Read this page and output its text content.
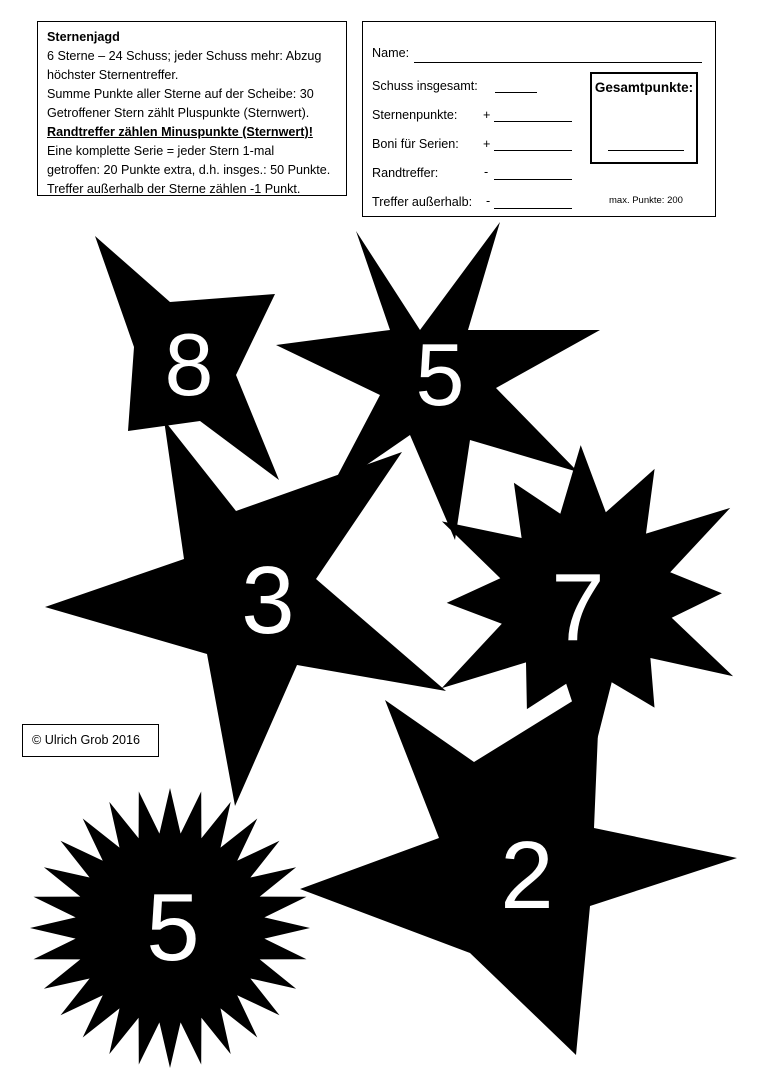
Sternenjagd
6 Sterne – 24 Schuss; jeder Schuss mehr: Abzug
höchster Sternentreffer.
Summe Punkte aller Sterne auf der Scheibe: 30
Getroffener Stern zählt Pluspunkte (Sternwert).
Randtreffer zählen Minuspunkte (Sternwert)!
Eine komplette Serie = jeder Stern 1-mal
getroffen: 20 Punkte extra, d.h. insges.: 50 Punkte.
Treffer außerhalb der Sterne zählen -1 Punkt.
Name:
Schuss insgesamt:
Sternenpunkte: +
Boni für Serien: +
Randtreffer:	-
Treffer außerhalb: -
Gesamtpunkte:
max. Punkte: 200
8 5
3	7
2
5
© Ulrich Grob 2016
